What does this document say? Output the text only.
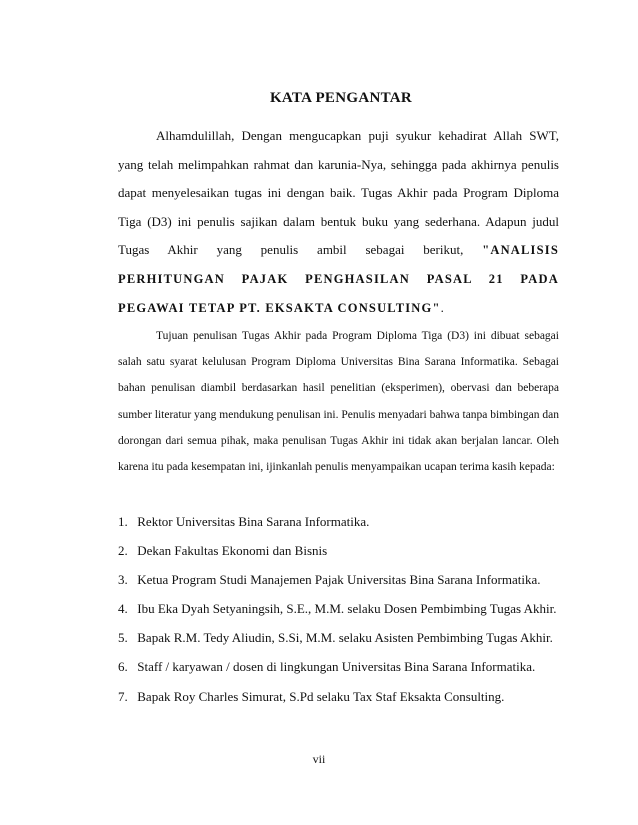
KATA PENGANTAR

Alhamdulillah, Dengan mengucapkan puji syukur kehadirat Allah SWT, yang telah melimpahkan rahmat dan karunia-Nya, sehingga pada akhirnya penulis dapat menyelesaikan tugas ini dengan baik. Tugas Akhir pada Program Diploma Tiga (D3) ini penulis sajikan dalam bentuk buku yang sederhana. Adapun judul Tugas Akhir yang penulis ambil sebagai berikut, "ANALISIS PERHITUNGAN PAJAK PENGHASILAN PASAL 21 PADA PEGAWAI TETAP PT. EKSAKTA CONSULTING".

Tujuan penulisan Tugas Akhir pada Program Diploma Tiga (D3) ini dibuat sebagai salah satu syarat kelulusan Program Diploma Universitas Bina Sarana Informatika. Sebagai bahan penulisan diambil berdasarkan hasil penelitian (eksperimen), obervasi dan beberapa sumber literatur yang mendukung penulisan ini. Penulis menyadari bahwa tanpa bimbingan dan dorongan dari semua pihak, maka penulisan Tugas Akhir ini tidak akan berjalan lancar. Oleh karena itu pada kesempatan ini, ijinkanlah penulis menyampaikan ucapan terima kasih kepada:

1. Rektor Universitas Bina Sarana Informatika.
2. Dekan Fakultas Ekonomi dan Bisnis
3. Ketua Program Studi Manajemen Pajak Universitas Bina Sarana Informatika.
4. Ibu Eka Dyah Setyaningsih, S.E., M.M. selaku Dosen Pembimbing Tugas Akhir.
5. Bapak R.M. Tedy Aliudin, S.Si, M.M. selaku Asisten Pembimbing Tugas Akhir.
6. Staff / karyawan / dosen di lingkungan Universitas Bina Sarana Informatika.
7. Bapak Roy Charles Simurat, S.Pd selaku Tax Staf Eksakta Consulting.

vii
